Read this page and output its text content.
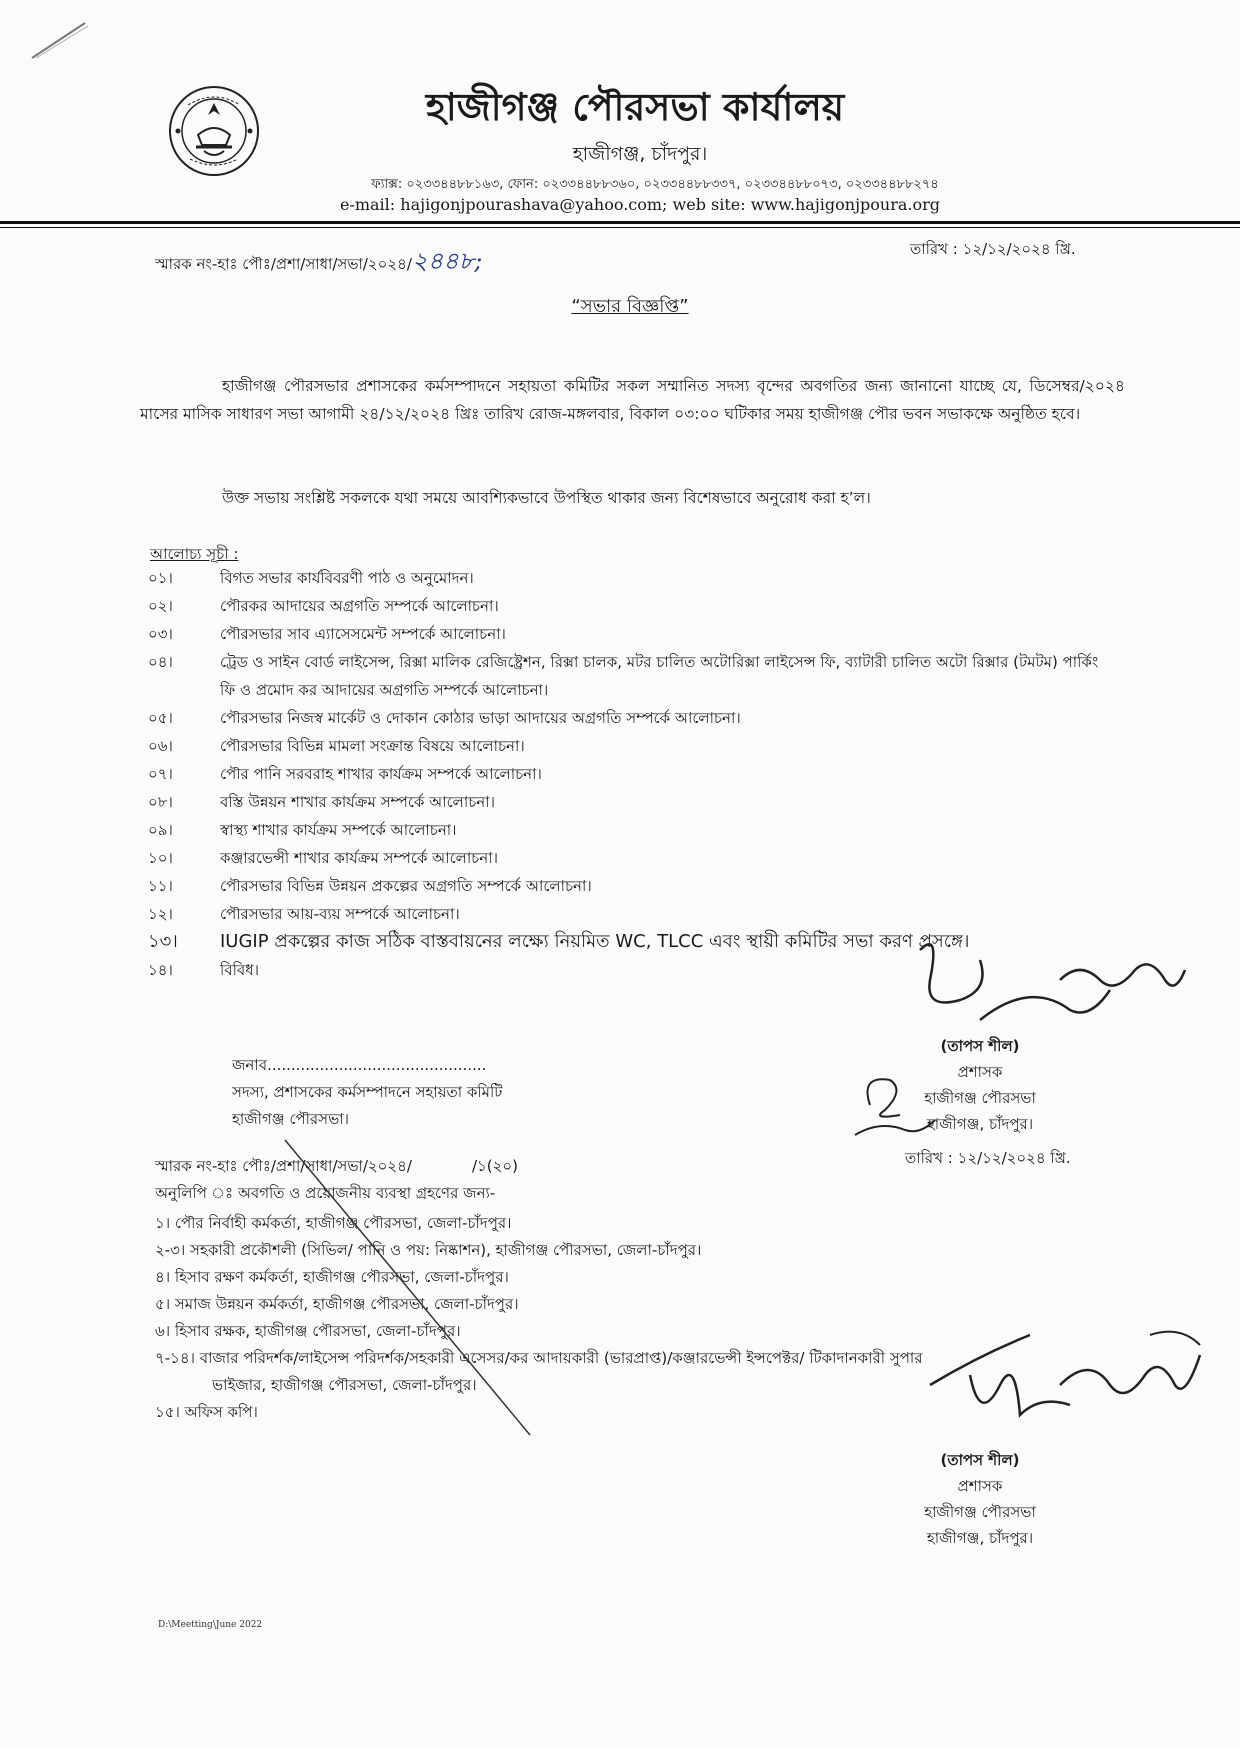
হাজীগঞ্জ পৌরসভা কার্যালয়
হাজীগঞ্জ, চাঁদপুর।
ফ্যাক্স: ০২৩৩৪৪৮৮১৬৩, ফোন: ০২৩৩৪৪৮৮৩৬০, ০২৩৩৪৪৮৮৩৩৭, ০২৩৩৪৪৮৮০৭৩, ০২৩৩৪৪৮৮২৭৪
e-mail: hajigonjpourashava@yahoo.com; web site: www.hajigonjpoura.org
স্মারক নং-হাঃ পৌঃ/প্রশা/সাধা/সভা/২০২৪/২৪৪৮;	তারিখ : ১২/১২/২০২৪ খ্রি.
“সভার বিজ্ঞপ্তি”
হাজীগঞ্জ পৌরসভার প্রশাসকের কর্মসম্পাদনে সহায়তা কমিটির সকল সম্মানিত সদস্য বৃন্দের অবগতির জন্য জানানো যাচ্ছে যে, ডিসেম্বর/২০২৪ মাসের মাসিক সাধারণ সভা আগামী ২৪/১২/২০২৪ খ্রিঃ তারিখ রোজ-মঙ্গলবার, বিকাল ০৩:০০ ঘটিকার সময় হাজীগঞ্জ পৌর ভবন সভাকক্ষে অনুষ্ঠিত হবে।
উক্ত সভায় সংশ্লিষ্ট সকলকে যথা সময়ে আবশ্যিকভাবে উপস্থিত থাকার জন্য বিশেষভাবে অনুরোধ করা হ’ল।
আলোচ্য সূচী :
০১।	বিগত সভার কার্যবিবরণী পাঠ ও অনুমোদন।
০২।	পৌরকর আদায়ের অগ্রগতি সম্পর্কে আলোচনা।
০৩।	পৌরসভার সাব এ্যাসেসমেন্ট সম্পর্কে আলোচনা।
০৪।	ট্রেড ও সাইন বোর্ড লাইসেন্স, রিক্সা মালিক রেজিষ্ট্রেশন, রিক্সা চালক, মটর চালিত অটোরিক্সা লাইসেন্স ফি, ব্যাটারী চালিত অটো রিক্সার (টমটম) পার্কিং ফি ও প্রমোদ কর আদায়ের অগ্রগতি সম্পর্কে আলোচনা।
০৫।	পৌরসভার নিজস্ব মার্কেট ও দোকান কোঠার ভাড়া আদায়ের অগ্রগতি সম্পর্কে আলোচনা।
০৬।	পৌরসভার বিভিন্ন মামলা সংক্রান্ত বিষয়ে আলোচনা।
০৭।	পৌর পানি সরবরাহ শাখার কার্যক্রম সম্পর্কে আলোচনা।
০৮।	বস্তি উন্নয়ন শাখার কার্যক্রম সম্পর্কে আলোচনা।
০৯।	স্বাস্থ্য শাখার কার্যক্রম সম্পর্কে আলোচনা।
১০।	কঞ্জারভেন্সী শাখার কার্যক্রম সম্পর্কে আলোচনা।
১১।	পৌরসভার বিভিন্ন উন্নয়ন প্রকল্পের অগ্রগতি সম্পর্কে আলোচনা।
১২।	পৌরসভার আয়-ব্যয় সম্পর্কে আলোচনা।
১৩।	IUGIP প্রকল্পের কাজ সঠিক বাস্তবায়নের লক্ষ্যে নিয়মিত WC, TLCC এবং স্থায়ী কমিটির সভা করণ প্রসঙ্গে।
১৪।	বিবিধ।
জনাব..............................................
সদস্য, প্রশাসকের কর্মসম্পাদনে সহায়তা কমিটি
হাজীগঞ্জ পৌরসভা।
(তাপস শীল)
প্রশাসক
হাজীগঞ্জ পৌরসভা
হাজীগঞ্জ, চাঁদপুর।
তারিখ : ১২/১২/২০২৪ খ্রি.
স্মারক নং-হাঃ পৌঃ/প্রশা/সাধা/সভা/২০২৪/	/১(২০)
অনুলিপি ঃ অবগতি ও প্রয়োজনীয় ব্যবস্থা গ্রহণের জন্য-
১। পৌর নির্বাহী কর্মকর্তা, হাজীগঞ্জ পৌরসভা, জেলা-চাঁদপুর।
২-৩। সহকারী প্রকৌশলী (সিভিল/ পানি ও পয়: নিষ্কাশন), হাজীগঞ্জ পৌরসভা, জেলা-চাঁদপুর।
৪। হিসাব রক্ষণ কর্মকর্তা, হাজীগঞ্জ পৌরসভা, জেলা-চাঁদপুর।
৫। সমাজ উন্নয়ন কর্মকর্তা, হাজীগঞ্জ পৌরসভা, জেলা-চাঁদপুর।
৬। হিসাব রক্ষক, হাজীগঞ্জ পৌরসভা, জেলা-চাঁদপুর।
৭-১৪। বাজার পরিদর্শক/লাইসেন্স পরিদর্শক/সহকারী এসেসর/কর আদায়কারী (ভারপ্রাপ্ত)/কঞ্জারভেন্সী ইন্সপেক্টর/ টিকাদানকারী সুপার
ভাইজার, হাজীগঞ্জ পৌরসভা, জেলা-চাঁদপুর।
১৫। অফিস কপি।
(তাপস শীল)
প্রশাসক
হাজীগঞ্জ পৌরসভা
হাজীগঞ্জ, চাঁদপুর।
D:\Meetting\June 2022
